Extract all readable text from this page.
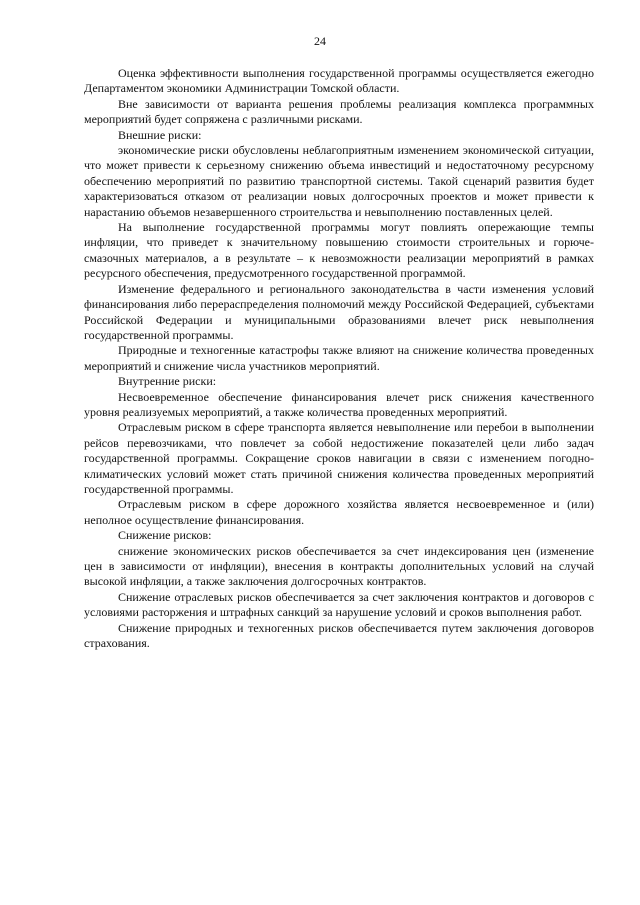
24

Оценка эффективности выполнения государственной программы осуществляется ежегодно Департаментом экономики Администрации Томской области.

Вне зависимости от варианта решения проблемы реализация комплекса программных мероприятий будет сопряжена с различными рисками.

Внешние риски:

экономические риски обусловлены неблагоприятным изменением экономической ситуации, что может привести к серьезному снижению объема инвестиций и недостаточному ресурсному обеспечению мероприятий по развитию транспортной системы. Такой сценарий развития будет характеризоваться отказом от реализации новых долгосрочных проектов и может привести к нарастанию объемов незавершенного строительства и невыполнению поставленных целей.

На выполнение государственной программы могут повлиять опережающие темпы инфляции, что приведет к значительному повышению стоимости строительных и горюче-смазочных материалов, а в результате – к невозможности реализации мероприятий в рамках ресурсного обеспечения, предусмотренного государственной программой.

Изменение федерального и регионального законодательства в части изменения условий финансирования либо перераспределения полномочий между Российской Федерацией, субъектами Российской Федерации и муниципальными образованиями влечет риск невыполнения государственной программы.

Природные и техногенные катастрофы также влияют на снижение количества проведенных мероприятий и снижение числа участников мероприятий.

Внутренние риски:

Несвоевременное обеспечение финансирования влечет риск снижения качественного уровня реализуемых мероприятий, а также количества проведенных мероприятий.

Отраслевым риском в сфере транспорта является невыполнение или перебои в выполнении рейсов перевозчиками, что повлечет за собой недостижение показателей цели либо задач государственной программы. Сокращение сроков навигации в связи с изменением погодно-климатических условий может стать причиной снижения количества проведенных мероприятий государственной программы.

Отраслевым риском в сфере дорожного хозяйства является несвоевременное и (или) неполное осуществление финансирования.

Снижение рисков:

снижение экономических рисков обеспечивается за счет индексирования цен (изменение цен в зависимости от инфляции), внесения в контракты дополнительных условий на случай высокой инфляции, а также заключения долгосрочных контрактов.

Снижение отраслевых рисков обеспечивается за счет заключения контрактов и договоров с условиями расторжения и штрафных санкций за нарушение условий и сроков выполнения работ.

Снижение природных и техногенных рисков обеспечивается путем заключения договоров страхования.
